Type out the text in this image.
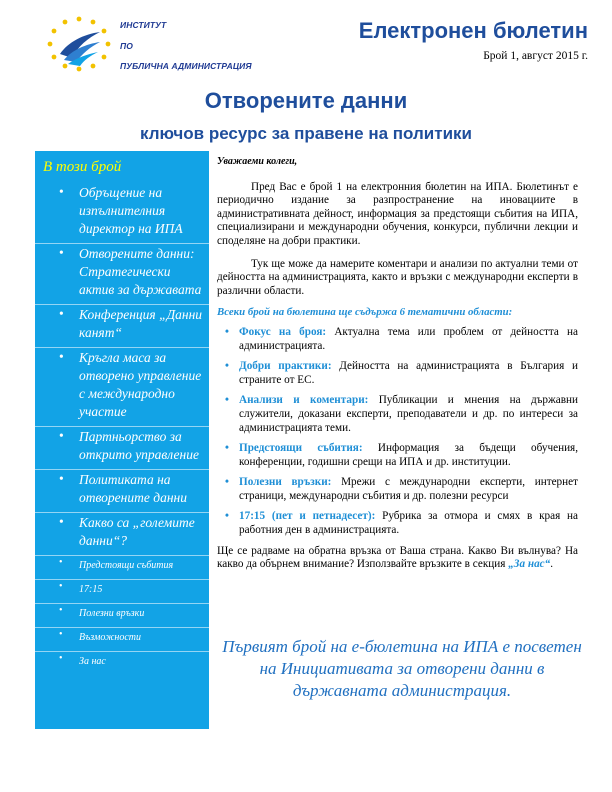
ИНСТИТУТ
ПО
ПУБЛИЧНА АДМИНИСТРАЦИЯ
Електронен бюлетин
Брой 1, август 2015 г.
Отворените данни
ключов ресурс за правене на политики
В този брой
• Обръщение на изпълнителния директор на ИПА
• Отворените данни: Стратегически актив за държавата
• Конференция „Данни канят“
• Кръгла маса за отворено управление с международно участие
• Партньорство за открито управление
• Политиката на отворените данни
• Какво са „големите данни“?
• Предстоящи събития
• 17:15
• Полезни връзки
• Възможности
• За нас

Уважаеми колеги,

Пред Вас е брой 1 на електронния бюлетин на ИПА. Бюлетинът е периодично издание за разпространение на иновациите в административната дейност, информация за предстоящи събития на ИПА, специализирани и международни обучения, конкурси, публични лекции и споделяне на добри практики.

Тук ще може да намерите коментари и анализи по актуални теми от дейността на администрацията, както и връзки с международни експерти в различни области.

Всеки брой на бюлетина ще съдържа 6 тематични области:

• Фокус на броя: Актуална тема или проблем от дейността на администрацията.
• Добри практики: Дейността на администрацията в България и страните от ЕС.
• Анализи и коментари: Публикации и мнения на държавни служители, доказани експерти, преподаватели и др. по интереси за администрацията теми.
• Предстоящи събития: Информация за бъдещи обучения, конференции, годишни срещи на ИПА и др. институции.
• Полезни връзки: Мрежи с международни експерти, интернет страници, международни събития и др. полезни ресурси
• 17:15 (пет и петнадесет): Рубрика за отмора и смях в края на работния ден в администрацията.

Ще се радваме на обратна връзка от Ваша страна. Какво Ви вълнува? На какво да обърнем внимание? Използвайте връзките в секция „За нас“.

Първият брой на е-бюлетина на ИПА е посветен на Инициативата за отворени данни в държавната администрация.
